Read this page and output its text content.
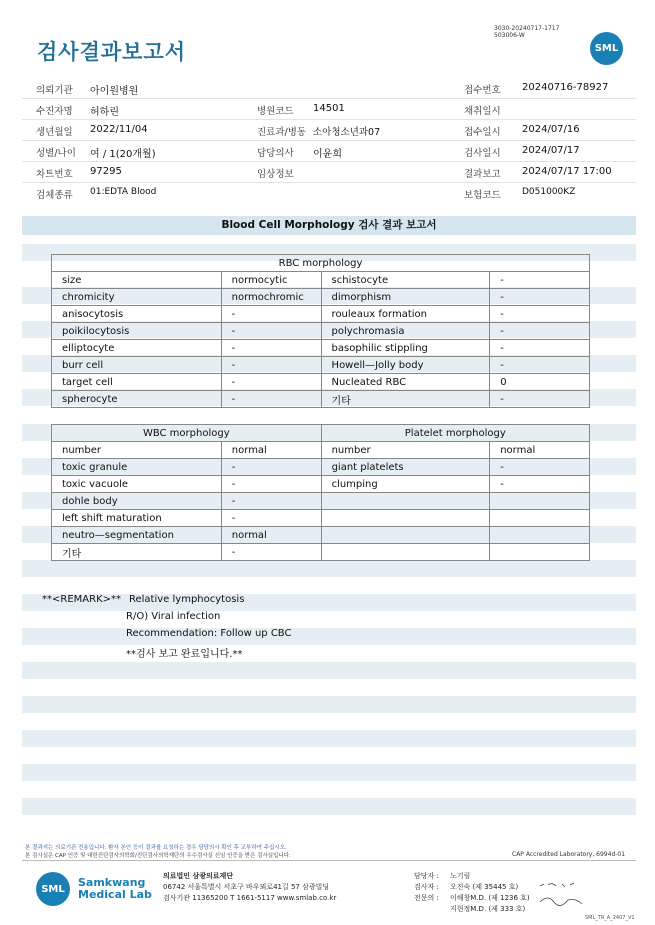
검사결과보고서
3030-20240717-1717
503006-W
SML
의뢰기관 아이원병원	접수번호 20240716-78927
수진자명 허하린	병원코드 14501	채취일시
생년월일 2022/11/04	진료과/병동 소아청소년과07	접수일시 2024/07/16
성별/나이 여 / 1(20개월)	담당의사 이윤희	검사일시 2024/07/17
차트번호 97295	임상정보	결과보고 2024/07/17 17:00
검체종류 01:EDTA Blood	보험코드 D051000KZ
Blood Cell Morphology 검사 결과 보고서
RBC morphology			
size	normocytic	schistocyte	-
chromicity	normochromic	dimorphism	-
anisocytosis	-	rouleaux formation	-
poikilocytosis	-	polychromasia	-
elliptocyte	-	basophilic stippling	-
burr cell	-	Howell—Jolly body	-
target cell	-	Nucleated RBC	0
spherocyte	-	기타	-
WBC morphology		Platelet morphology	
number	normal	number	normal
toxic granule	-	giant platelets	-
toxic vacuole	-	clumping	-
dohle body	-		
left shift maturation	-		
neutro—segmentation	normal		
기타	-		
**<REMARK>** Relative lymphocytosis
R/O) Viral infection
Recommendation: Follow up CBC
**검사 보고 완료입니다.**
본 결과지는 의료기관 전용입니다. 환자 본인 등이 결과를 요청하는 경우 담당의사 확인 후 교부하여 주십시오.
본 검사실은 CAP 인증 및 대한진단검사의학회/진단검사의학재단의 우수검사실 신임 인증을 받은 검사실입니다.	CAP Accredited Laboratory, 6994d-01
SML Samkwang
Medical Lab
의료법인 삼광의료재단
06742 서울특별시 서초구 바우뫼로41길 57 삼광빌딩
검사기관 11365200 T 1661-5117 www.smlab.co.kr
담당자 : 노기림
검사자 : 오진숙 (제 35445 호)
전문의 : 이해창M.D. (제 1236 호)
지현정M.D. (제 333 호)
SML_TR_A_2407_V1
